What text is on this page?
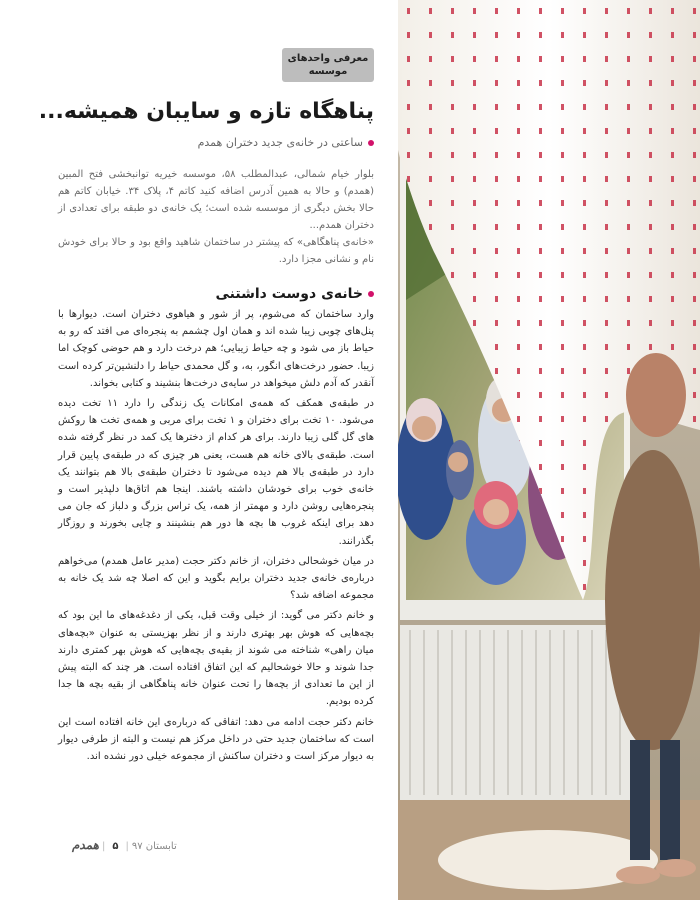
معرفی واحدهای
موسسه
پناهگاه تازه و سایبان همیشه...
ساعتی در خانه‌ی جدید دختران همدم

بلوار خیام شمالی، عبدالمطلب ۵۸، موسسه خیریه توانبخشی فتح المبین (همدم) و حالا به همین آدرس اضافه کنید کاتم ۴، پلاک ۳۴. خیابان کاتم هم حالا بخش دیگری از موسسه شده است؛ یک خانه‌ی دو طبقه برای تعدادی از دختران همدم...

«خانه‌ی پناهگاهی» که پیشتر در ساختمان شاهید واقع بود و حالا برای خودش نام و نشانی مجزا دارد.

خانه‌ی دوست داشتنی

وارد ساختمان که می‌شوم، پر از شور و هیاهوی دختران است. دیوارها با پنل‌های چوبی زیبا شده اند و همان اول چشمم به پنجره‌ای می افتد که رو به حیاط باز می شود و چه حیاط زیبایی؛ هم درخت دارد و هم حوضی کوچک اما زیبا. حضور درخت‌های انگور، به، و گل محمدی حیاط را دلنشین‌تر کرده است آنقدر که آدم دلش میخواهد در سایه‌ی درخت‌ها بنشیند و کتابی بخواند.

در طبقه‌ی همکف که همه‌ی امکانات یک زندگی را دارد ۱۱ تخت دیده می‌شود. ۱۰ تخت برای دختران و ۱ تخت برای مربی و همه‌ی تخت ها روکش های گل گلی زیبا دارند. برای هر کدام از دخترها یک کمد در نظر گرفته شده است. طبقه‌ی بالای خانه هم هست، یعنی هر چیزی که در طبقه‌ی پایین قرار دارد در طبقه‌ی بالا هم دیده می‌شود تا دختران طبقه‌ی بالا هم بتوانند یک خانه‌ی خوب برای خودشان داشته باشند. اینجا هم اتاق‌ها دلپذیر است و پنجره‌هایی روشن دارد و مهمتر از همه، یک تراس بزرگ و دلباز که جان می دهد برای اینکه غروب ها بچه ها دور هم بنشینند و چایی بخورند و روزگار بگذرانند.

در میان خوشحالی دختران، از خانم دکتر حجت (مدیر عامل همدم) می‌خواهم درباره‌ی خانه‌ی جدید دختران برایم بگوید و این که اصلا چه شد یک خانه به مجموعه اضافه شد؟

و خانم دکتر می گوید: از خیلی وقت قبل، یکی از دغدغه‌های ما این بود که بچه‌هایی که هوش بهر بهتری دارند و از نظر بهزیستی به عنوان «بچه‌های میان راهی» شناخته می شوند از بقیه‌ی بچه‌هایی که هوش بهر کمتری دارند جدا شوند و حالا خوشحالیم که این اتفاق افتاده است. هر چند که البته پیش از این ما تعدادی از بچه‌ها را تحت عنوان خانه پناهگاهی از بقیه بچه ها جدا کرده بودیم.

خانم دکتر حجت ادامه می دهد: اتفاقی که درباره‌ی این خانه افتاده است این است که ساختمان جدید حتی در داخل مرکز هم نیست و البته از طرفی دیوار به دیوار مرکز است و دختران ساکنش از مجموعه خیلی دور نشده اند.

تابستان ۹۷|۵|همدم
